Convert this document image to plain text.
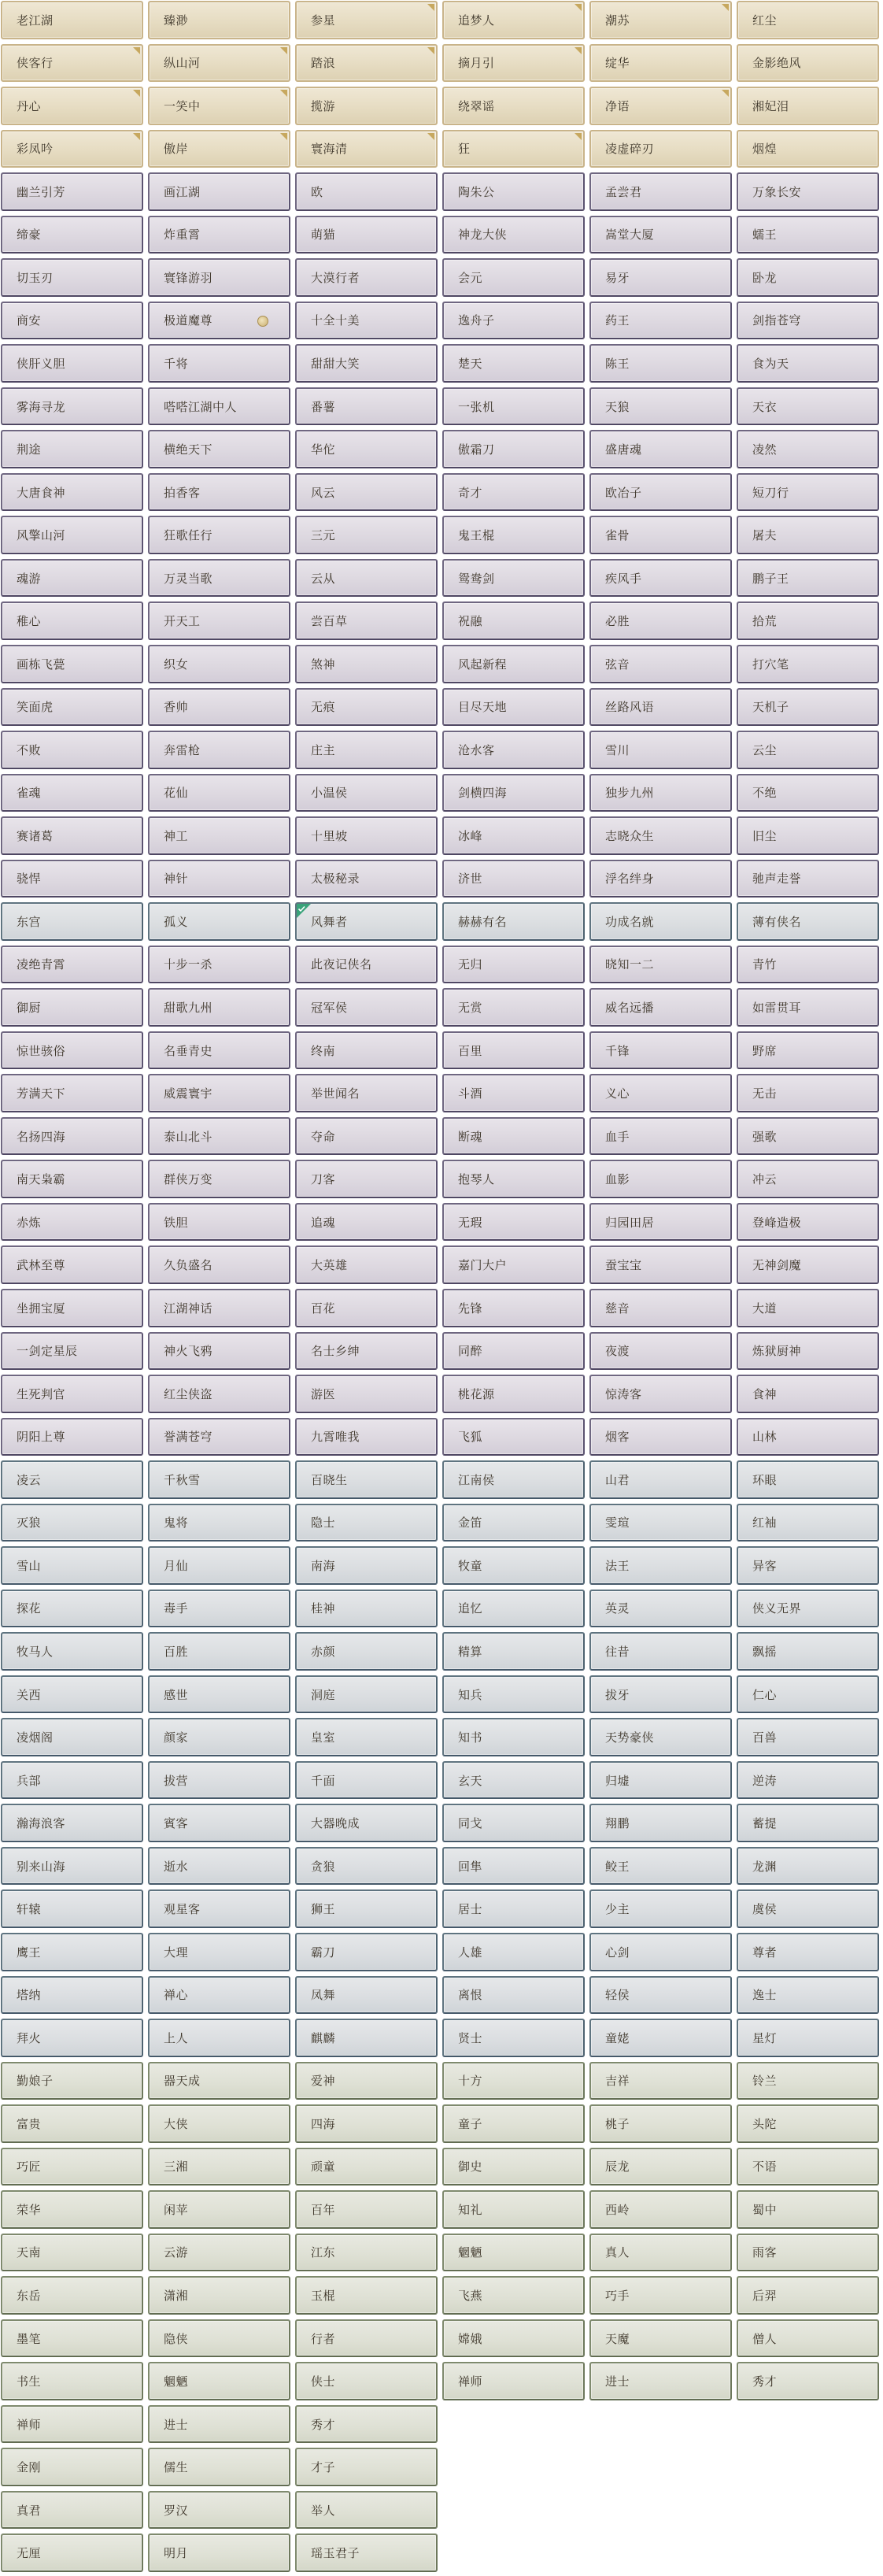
老江湖	臻渺	参星	追梦人	潮苏	红尘
侠客行	纵山河	踏浪	摘月引	绽华	金影绝风
丹心	一笑中	揽游	绕翠谣	净语	湘妃泪
彩凤吟	傲岸	寰海清	狂	凌虚碎刃	烟煌
幽兰引芳	画江湖	欧	陶朱公	孟尝君	万象长安
缔豪	炸重霄	萌猫	神龙大侠	嵩堂大厦	蠕王
切玉刃	寰锋游羽	大漠行者	会元	易牙	卧龙
商安	极道魔尊	十全十美	逸舟子	药王	剑指苍穹
侠肝义胆	千将	甜甜大笑	楚天	陈王	食为天
雾海寻龙	嗒嗒江湖中人	番薯	一张机	天狼	天衣
荆途	横绝天下	华佗	傲霜刀	盛唐魂	凌然
大唐食神	拍香客	风云	奇才	欧冶子	短刀行
风擎山河	狂歌任行	三元	鬼王棍	雀骨	屠夫
魂游	万灵当歌	云从	鸳鸯剑	疾风手	鹏子王
稚心	开天工	尝百草	祝融	必胜	拾荒
画栋飞甍	织女	煞神	风起新程	弦音	打穴笔
笑面虎	香帅	无痕	目尽天地	丝路风语	天机子
不败	奔雷枪	庄主	沧水客	雪川	云尘
雀魂	花仙	小温侯	剑横四海	独步九州	不绝
赛诸葛	神工	十里坡	冰峰	志晓众生	旧尘
骁悍	神针	太极秘录	济世	浮名绊身	驰声走誉
东宫	孤义	风舞者	赫赫有名	功成名就	薄有侠名
凌绝青霄	十步一杀	此夜记侠名	无归	晓知一二	青竹
御厨	甜歌九州	冠军侯	无赏	威名远播	如雷贯耳
惊世骇俗	名垂青史	终南	百里	千锋	野席
芳满天下	威震寰宇	举世闻名	斗酒	义心	无击
名扬四海	泰山北斗	夺命	断魂	血手	强歌
南天枭霸	群侠万变	刀客	抱琴人	血影	冲云
赤炼	铁胆	追魂	无瑕	归园田居	登峰造极
武林至尊	久负盛名	大英雄	嘉门大户	蚕宝宝	无神剑魔
坐拥宝厦	江湖神话	百花	先锋	慈音	大道
一剑定星辰	神火飞鸦	名士乡绅	同醉	夜渡	炼狱厨神
生死判官	红尘侠盗	游医	桃花源	惊涛客	食神
阴阳上尊	誉满苍穹	九霄唯我	飞狐	烟客	山林
凌云	千秋雪	百晓生	江南侯	山君	环眼
灭狼	鬼将	隐士	金笛	雯瑄	红袖
雪山	月仙	南海	牧童	法王	异客
探花	毒手	桂神	追忆	英灵	侠义无界
牧马人	百胜	赤颜	精算	往昔	飘摇
关西	感世	洞庭	知兵	拔牙	仁心
凌烟阁	颜家	皇室	知书	天势豪侠	百兽
兵部	拔营	千面	玄天	归墟	逆涛
瀚海浪客	賓客	大器晚成	同戈	翔鹏	蓄提
别来山海	逝水	贪狼	回隼	鲛王	龙渊
轩辕	观星客	狮王	居士	少主	虞侯
鹰王	大理	霸刀	人雄	心剑	尊者
塔纳	禅心	凤舞	离恨	轻侯	逸士
拜火	上人	麒麟	贤士	童姥	星灯
勤娘子	器天成	爱神	十方	吉祥	铃兰
富贵	大侠	四海	童子	桃子	头陀
巧匠	三湘	顽童	御史	辰龙	不语
荣华	闲苹	百年	知礼	西岭	蜀中
天南	云游	江东	魍魉	真人	雨客
东岳	潇湘	玉棍	飞燕	巧手	后羿
墨笔	隐侠	行者	嫦娥	天魔	僧人
书生	魍魉	侠士	禅师	进士	秀才
禅师	进士	秀才
金刚	儒生	才子
真君	罗汉	举人
无厘	明月	瑶玉君子
